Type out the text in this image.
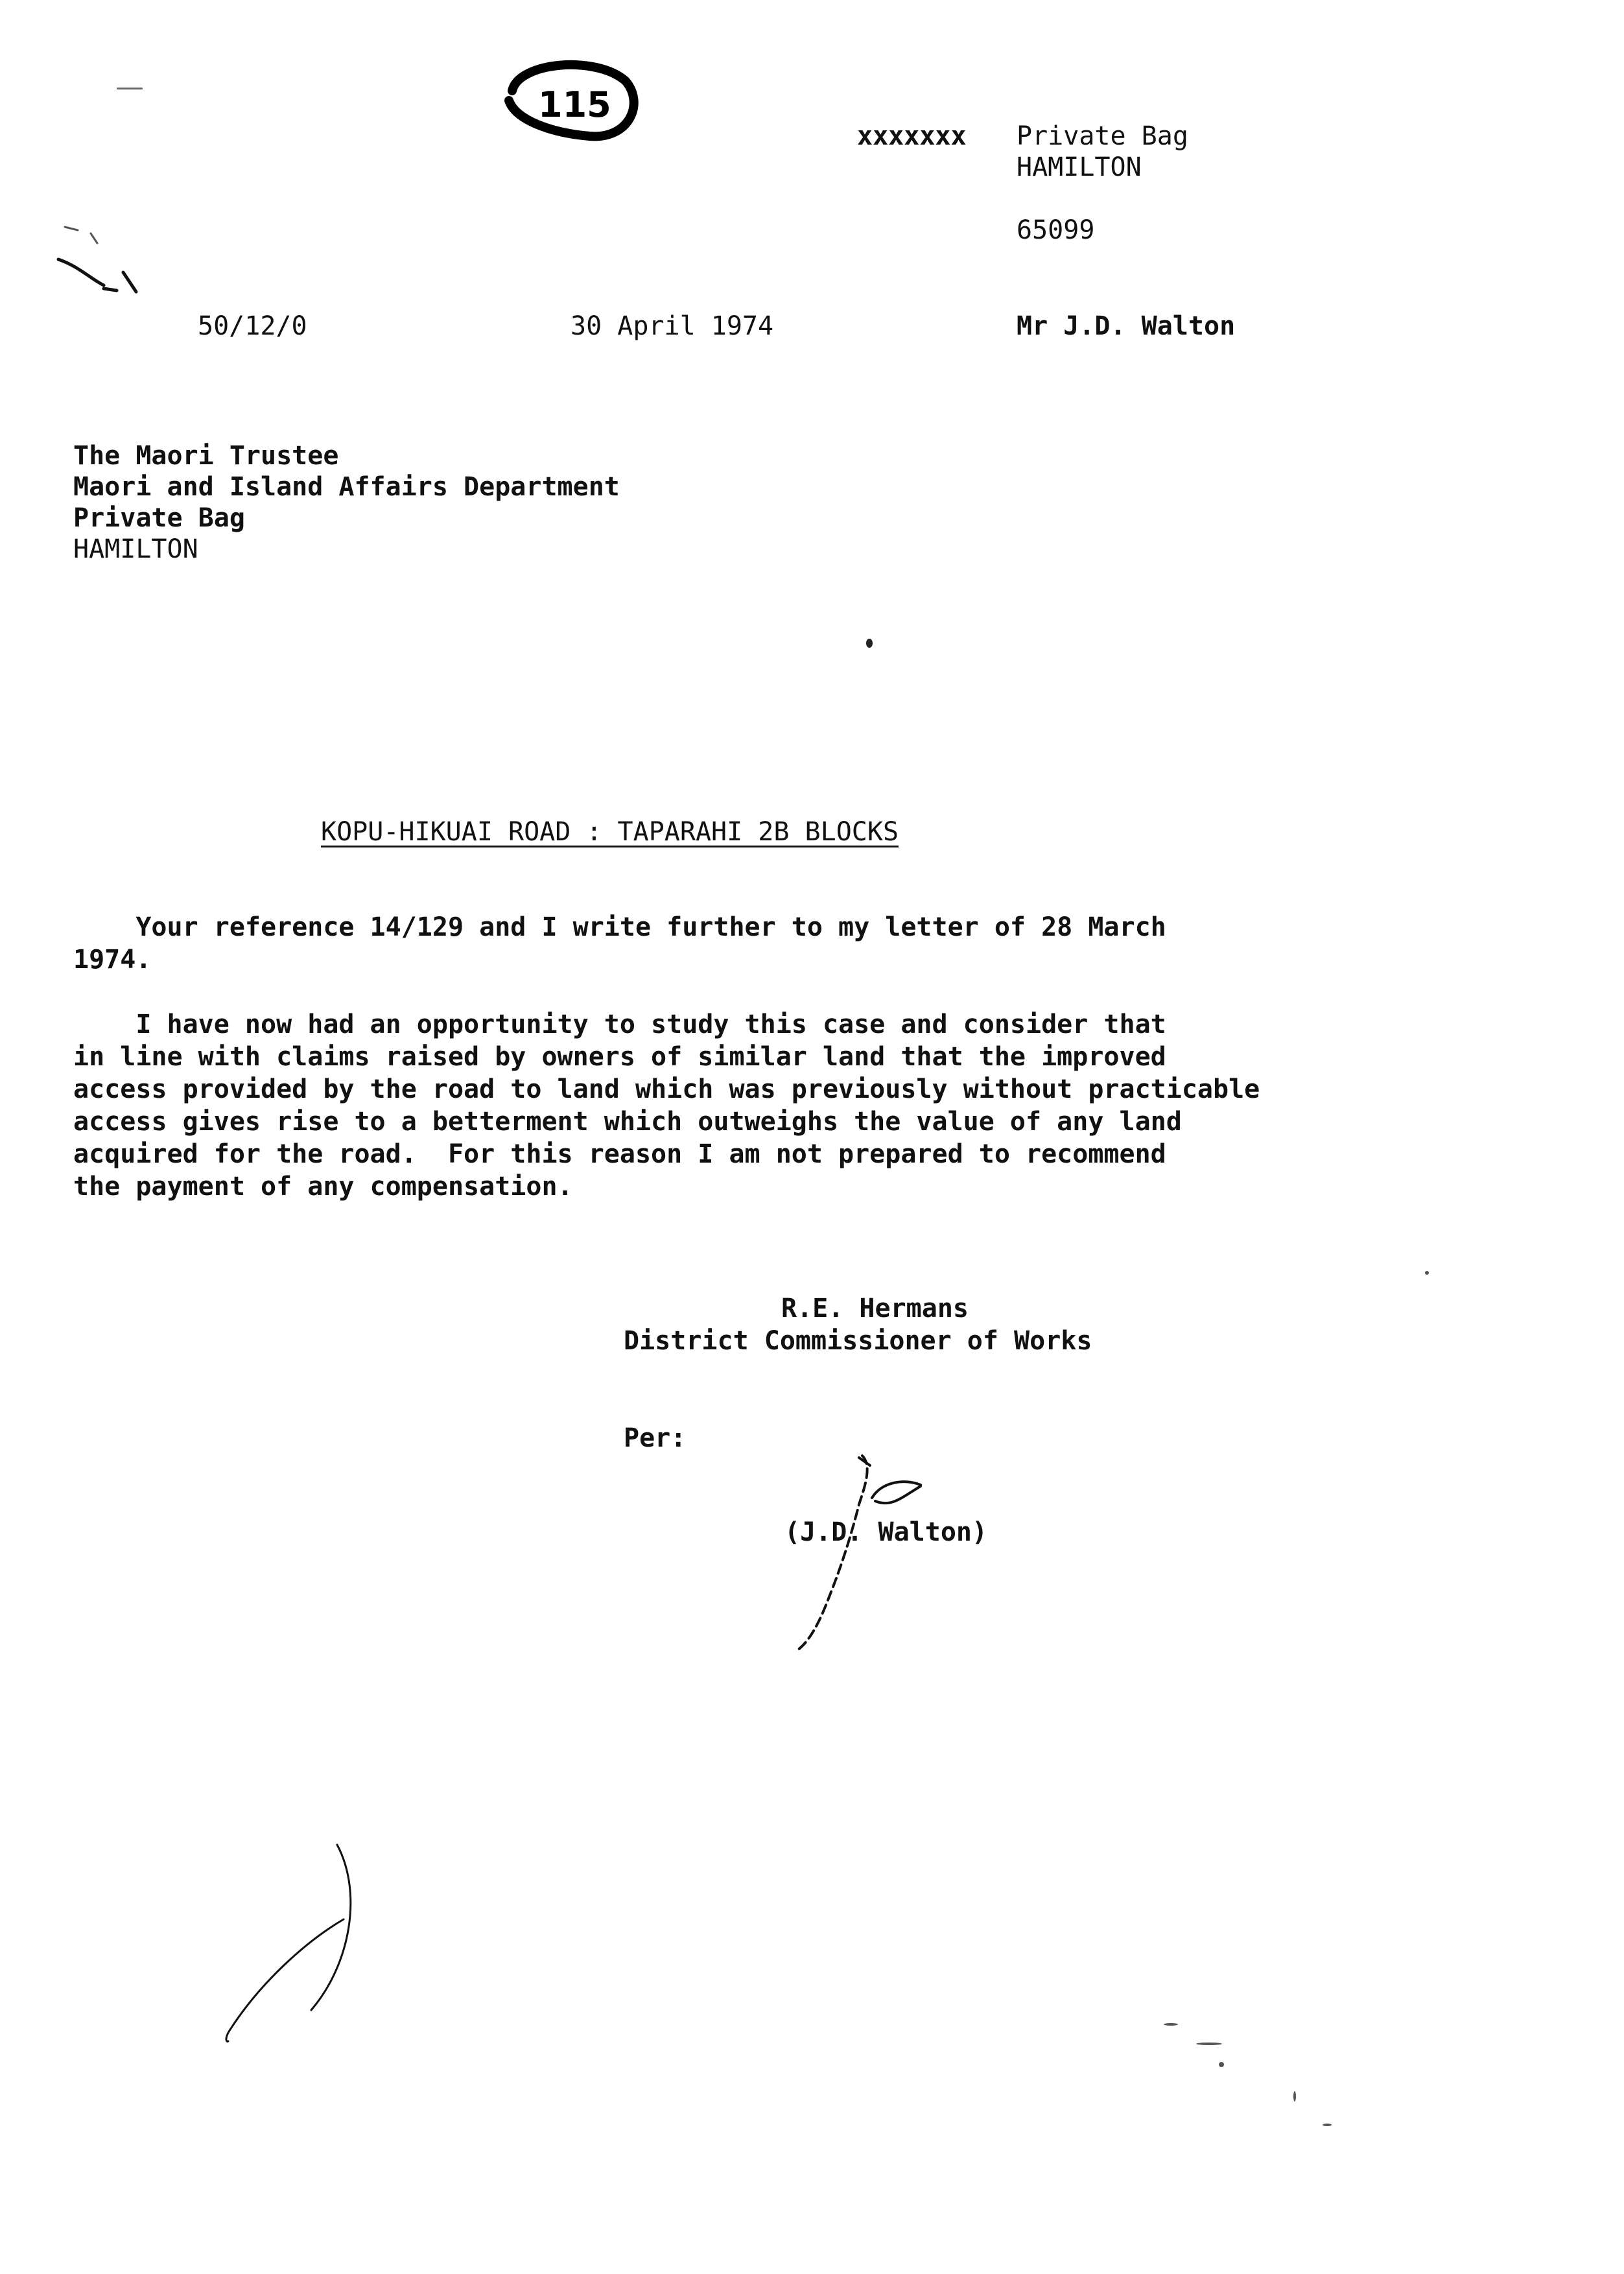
115
xxxxxxx Private Bag
HAMILTON
65099
50/12/0	30 April 1974	Mr J.D. Walton
The Maori Trustee
Maori and Island Affairs Department
Private Bag
HAMILTON
KOPU-HIKUAI ROAD : TAPARAHI 2B BLOCKS
Your reference 14/129 and I write further to my letter of 28 March
1974.
I have now had an opportunity to study this case and consider that
in line with claims raised by owners of similar land that the improved
access provided by the road to land which was previously without practicable
access gives rise to a betterment which outweighs the value of any land
acquired for the road.  For this reason I am not prepared to recommend
the payment of any compensation.
R.E. Hermans
District Commissioner of Works
Per:
(J.D. Walton)
